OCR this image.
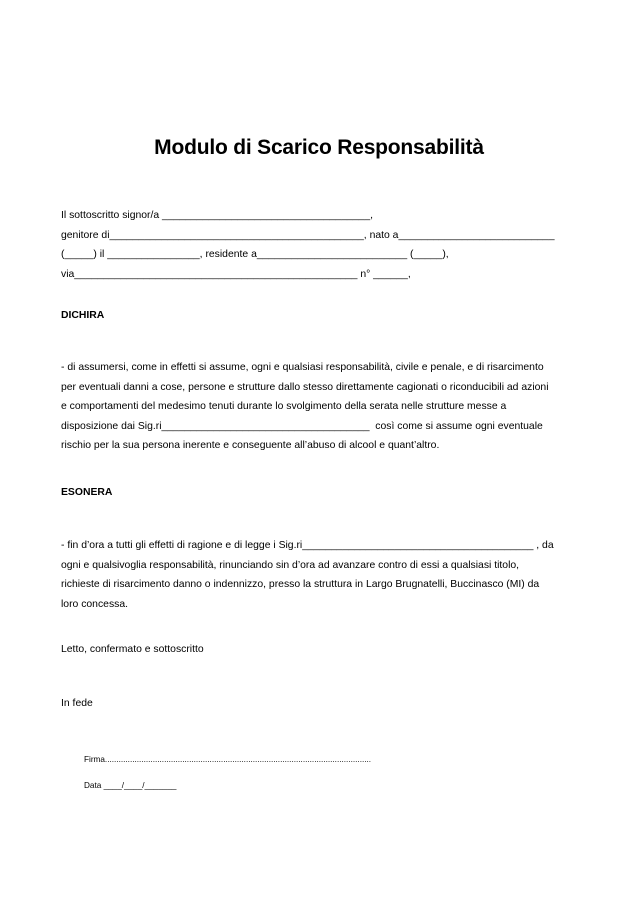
Modulo di Scarico Responsabilità
Il sottoscritto signor/a ____________________________________,
genitore di____________________________________________, nato a___________________________
(_____) il ________________, residente a__________________________ (_____),
via_________________________________________________ n° ______,
DICHIRA
- di assumersi, come in effetti si assume, ogni e qualsiasi responsabilità, civile e penale, e di risarcimento
per eventuali danni a cose, persone e strutture dallo stesso direttamente cagionati o riconducibili ad azioni
e comportamenti del medesimo tenuti durante lo svolgimento della serata nelle strutture messe a
disposizione dai Sig.ri____________________________________  così come si assume ogni eventuale
rischio per la sua persona inerente e conseguente all’abuso di alcool e quant’altro.
ESONERA
- fin d’ora a tutti gli effetti di ragione e di legge i Sig.ri________________________________________ , da
ogni e qualsivoglia responsabilità, rinunciando sin d’ora ad avanzare contro di essi a qualsiasi titolo,
richieste di risarcimento danno o indennizzo, presso la struttura in Largo Brugnatelli, Buccinasco (MI) da
loro concessa.
Letto, confermato e sottoscritto
In fede
Firma.....................................................................................................................
Data ____/____/_______
